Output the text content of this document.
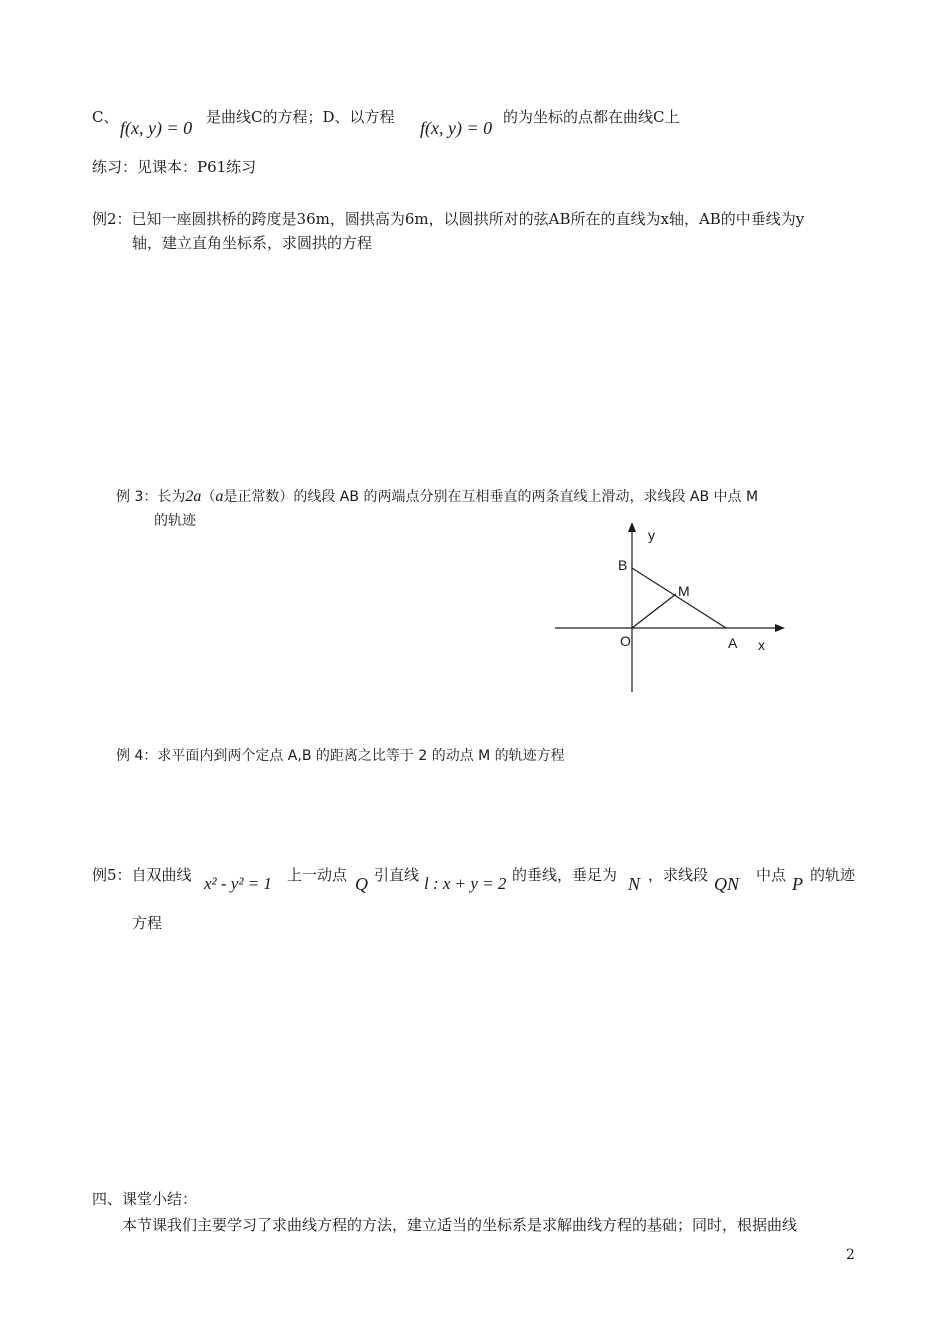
C、
f(x, y) = 0
是曲线C的方程；D、以方程
f(x, y) = 0
的为坐标的点都在曲线C上
练习：见课本：P61练习
例2：已知一座圆拱桥的跨度是36m，圆拱高为6m，以圆拱所对的弦AB所在的直线为x轴，AB的中垂线为y
轴，建立直角坐标系，求圆拱的方程
例 3：长为2a（a是正常数）的线段 AB 的两端点分别在互相垂直的两条直线上滑动，求线段 AB 中点 M
的轨迹
y
x
B
M
O	A
例 4：求平面内到两个定点 A,B 的距离之比等于 2 的动点 M 的轨迹方程
例5：自双曲线 x² - y² = 1 上一动点 Q 引直线 l : x + y = 2 的垂线，垂足为 N ，求线段 QN 中点 P 的轨迹
方程
四、课堂小结：
本节课我们主要学习了求曲线方程的方法，建立适当的坐标系是求解曲线方程的基础；同时，根据曲线
2
